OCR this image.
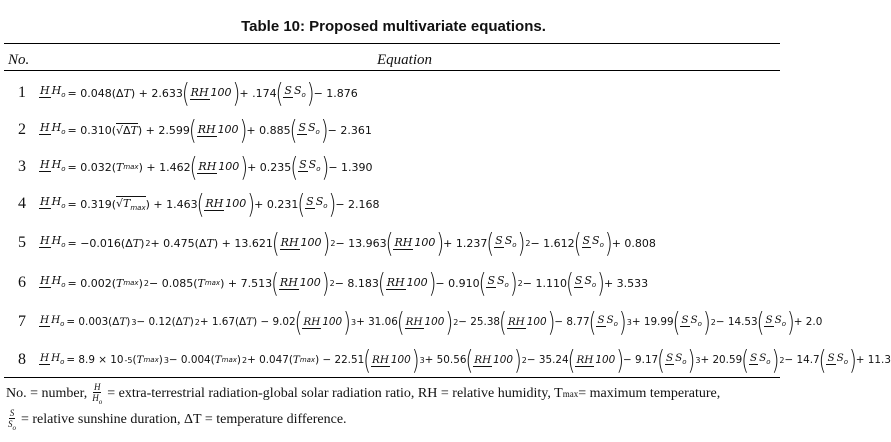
Table 10: Proposed multivariate equations.
No.	Equation
1 H $H_o = 0.048(\Delta$ T ) + 2.633 ( RH 100 ) + .174 ( S $S_o$ ) − 1.876
2 H $H_o = 0.310$( √ΔT ) + 2.599 ( RH 100 ) + 0.885 ( S $S_o$ ) − 2.361
3 H $H_o = 0.032$( T max ) + 1.462 ( RH 100 ) + 0.235 ( S $S_o$ ) − 1.390
4 H $H_o = 0.319$( $√T_{max}$ ) + 1.463 ( RH 100 ) + 0.231 ( S $S_o$ ) − 2.168
5 H $H_o = -0.016(\Delta$ T ) 2 + 0.475(Δ T ) + 13.621 ( RH 100 ) 2 − 13.963 ( RH 100 ) + 1.237 ( S $S_o$ ) 2 − 1.612 ( S $S_o$ ) + 0.808
6 H $H_o = 0.002$( T max ) 2 − 0.085( T max ) + 7.513 ( RH 100 ) 2 − 8.183 ( RH 100 ) − 0.910 ( S $S_o$ ) 2 − 1.110 ( S $S_o$ ) + 3.533
7 H $H_o = 0.003(\Delta$ T ) 3 − 0.12(Δ T ) 2 + 1.67(Δ T ) − 9.02 ( RH 100 ) 3 + 31.06 ( RH 100 ) 2 − 25.38 ( RH 100 ) − 8.77 ( S $S_o$ ) 3 + 19.99 ( S $S_o$ ) 2 − 14.53 ( S $S_o$ ) + 2.0
8 H $H_o = 8.9 \times 10$ -5 ( T max ) 3 − 0.004( T max ) 2 + 0.047( T max ) − 22.51 ( RH 100 ) 3 + 50.56 ( RH 100 ) 2 − 35.24 ( RH 100 ) − 9.17 ( S $S_o$ ) 3 + 20.59 ( S $S_o$ ) 2 − 14.7 ( S $S_o$ ) + 11.3
No. = number, $\frac{H}{H_o}$ = extra-terrestrial radiation-global solar radiation ratio, RH = relative humidity, T max = maximum temperature,
$\frac{S}{S_o}$ = relative sunshine duration, ΔT = temperature difference.
